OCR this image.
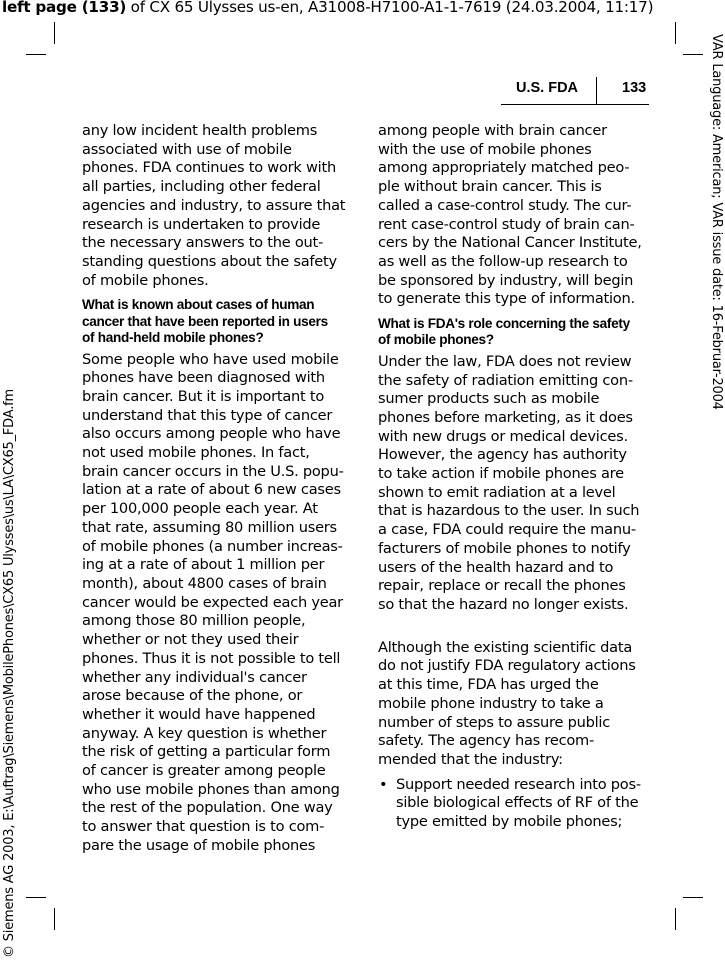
left page (133) of CX 65 Ulysses us-en, A31008-H7100-A1-1-7619 (24.03.2004, 11:17)
VAR Language: American; VAR issue date: 16-Februar-2004
© Siemens AG 2003, E:\Auftrag\Siemens\MobilePhones\CX65 Ulysses\us\LA\CX65_FDA.fm
U.S. FDA	133
any low incident health problems
associated with use of mobile
phones. FDA continues to work with
all parties, including other federal
agencies and industry, to assure that
research is undertaken to provide
the necessary answers to the out-
standing questions about the safety
of mobile phones.
What is known about cases of human
cancer that have been reported in users
of hand-held mobile phones?
Some people who have used mobile
phones have been diagnosed with
brain cancer. But it is important to
understand that this type of cancer
also occurs among people who have
not used mobile phones. In fact,
brain cancer occurs in the U.S. popu-
lation at a rate of about 6 new cases
per 100,000 people each year. At
that rate, assuming 80 million users
of mobile phones (a number increas-
ing at a rate of about 1 million per
month), about 4800 cases of brain
cancer would be expected each year
among those 80 million people,
whether or not they used their
phones. Thus it is not possible to tell
whether any individual's cancer
arose because of the phone, or
whether it would have happened
anyway. A key question is whether
the risk of getting a particular form
of cancer is greater among people
who use mobile phones than among
the rest of the population. One way
to answer that question is to com-
pare the usage of mobile phones
among people with brain cancer
with the use of mobile phones
among appropriately matched peo-
ple without brain cancer. This is
called a case-control study. The cur-
rent case-control study of brain can-
cers by the National Cancer Institute,
as well as the follow-up research to
be sponsored by industry, will begin
to generate this type of information.
What is FDA's role concerning the safety
of mobile phones?
Under the law, FDA does not review
the safety of radiation emitting con-
sumer products such as mobile
phones before marketing, as it does
with new drugs or medical devices.
However, the agency has authority
to take action if mobile phones are
shown to emit radiation at a level
that is hazardous to the user. In such
a case, FDA could require the manu-
facturers of mobile phones to notify
users of the health hazard and to
repair, replace or recall the phones
so that the hazard no longer exists.
Although the existing scientific data
do not justify FDA regulatory actions
at this time, FDA has urged the
mobile phone industry to take a
number of steps to assure public
safety. The agency has recom-
mended that the industry:
• Support needed research into pos-
sible biological effects of RF of the
type emitted by mobile phones;
